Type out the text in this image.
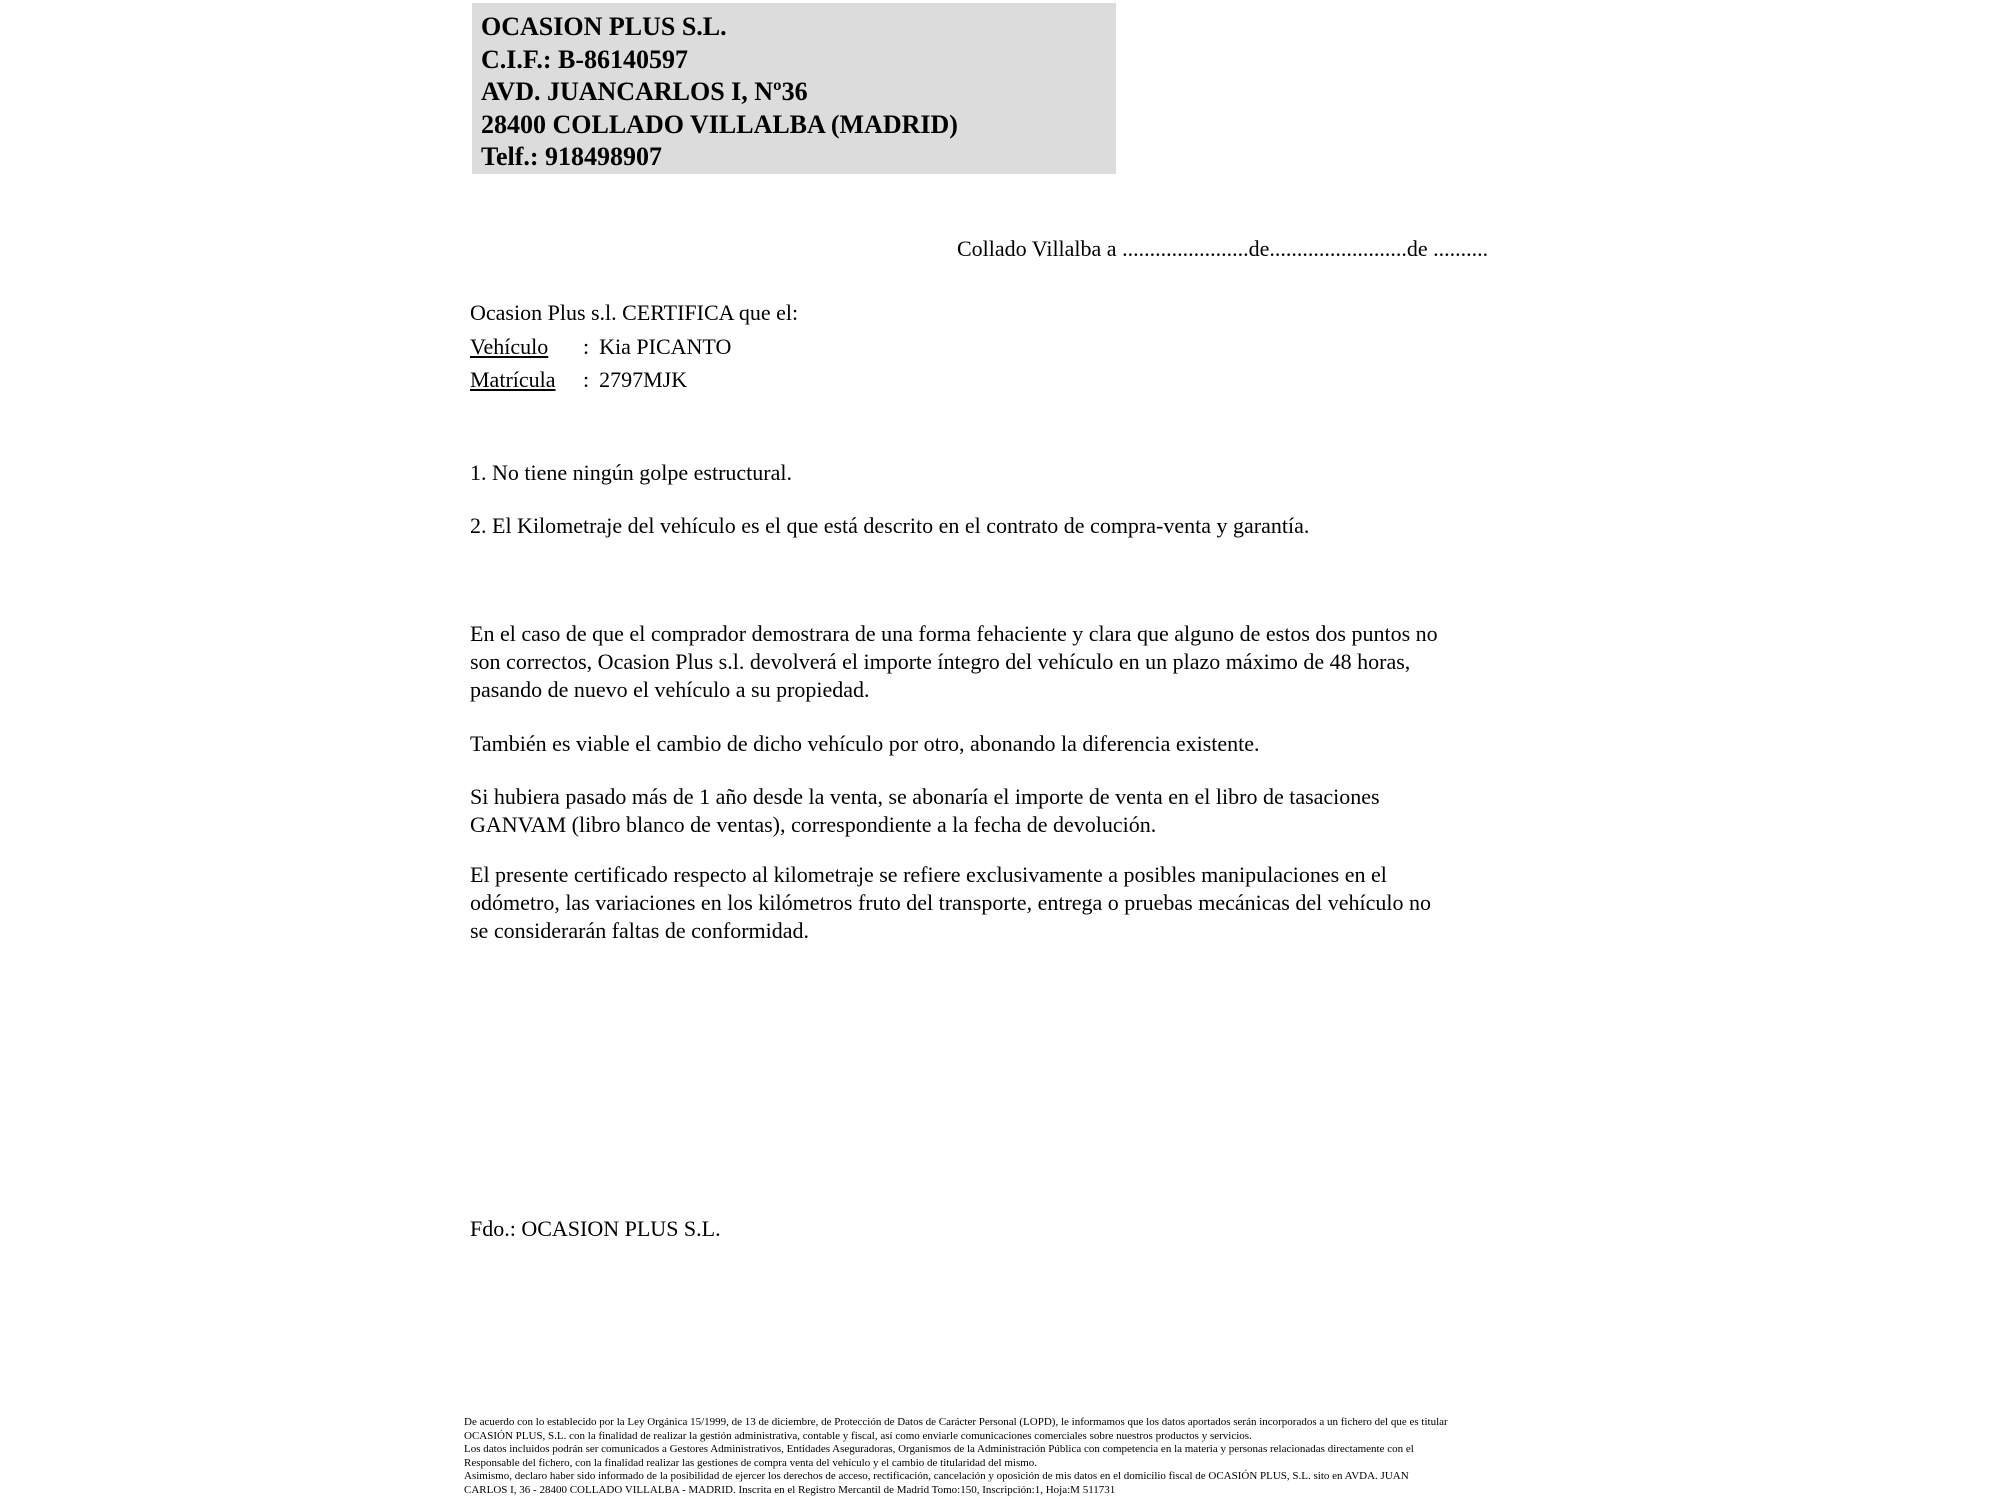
OCASION PLUS S.L.
C.I.F.: B-86140597
AVD. JUANCARLOS I, Nº36
28400 COLLADO VILLALBA (MADRID)
Telf.: 918498907
Collado Villalba a .......................de.........................de ..........
Ocasion Plus s.l. CERTIFICA que el:
Vehículo : Kia PICANTO
Matrícula : 2797MJK
1. No tiene ningún golpe estructural.
2. El Kilometraje del vehículo es el que está descrito en el contrato de compra-venta y garantía.
En el caso de que el comprador demostrara de una forma fehaciente y clara que alguno de estos dos puntos no
son correctos, Ocasion Plus s.l. devolverá el importe íntegro del vehículo en un plazo máximo de 48 horas,
pasando de nuevo el vehículo a su propiedad.
También es viable el cambio de dicho vehículo por otro, abonando la diferencia existente.
Si hubiera pasado más de 1 año desde la venta, se abonaría el importe de venta en el libro de tasaciones
GANVAM (libro blanco de ventas), correspondiente a la fecha de devolución.
El presente certificado respecto al kilometraje se refiere exclusivamente a posibles manipulaciones en el
odómetro, las variaciones en los kilómetros fruto del transporte, entrega o pruebas mecánicas del vehículo no
se considerarán faltas de conformidad.
Fdo.: OCASION PLUS S.L.
De acuerdo con lo establecido por la Ley Orgánica 15/1999, de 13 de diciembre, de Protección de Datos de Carácter Personal (LOPD), le informamos que los datos aportados serán incorporados a un fichero del que es titular
OCASIÓN PLUS, S.L. con la finalidad de realizar la gestión administrativa, contable y fiscal, así como enviarle comunicaciones comerciales sobre nuestros productos y servicios.
Los datos incluidos podrán ser comunicados a Gestores Administrativos, Entidades Aseguradoras, Organismos de la Administración Pública con competencia en la materia y personas relacionadas directamente con el
Responsable del fichero, con la finalidad realizar las gestiones de compra venta del vehículo y el cambio de titularidad del mismo.
Asimismo, declaro haber sido informado de la posibilidad de ejercer los derechos de acceso, rectificación, cancelación y oposición de mis datos en el domicilio fiscal de OCASIÓN PLUS, S.L. sito en AVDA. JUAN
CARLOS I, 36 - 28400 COLLADO VILLALBA - MADRID. Inscrita en el Registro Mercantil de Madrid Tomo:150, Inscripción:1, Hoja:M 511731
